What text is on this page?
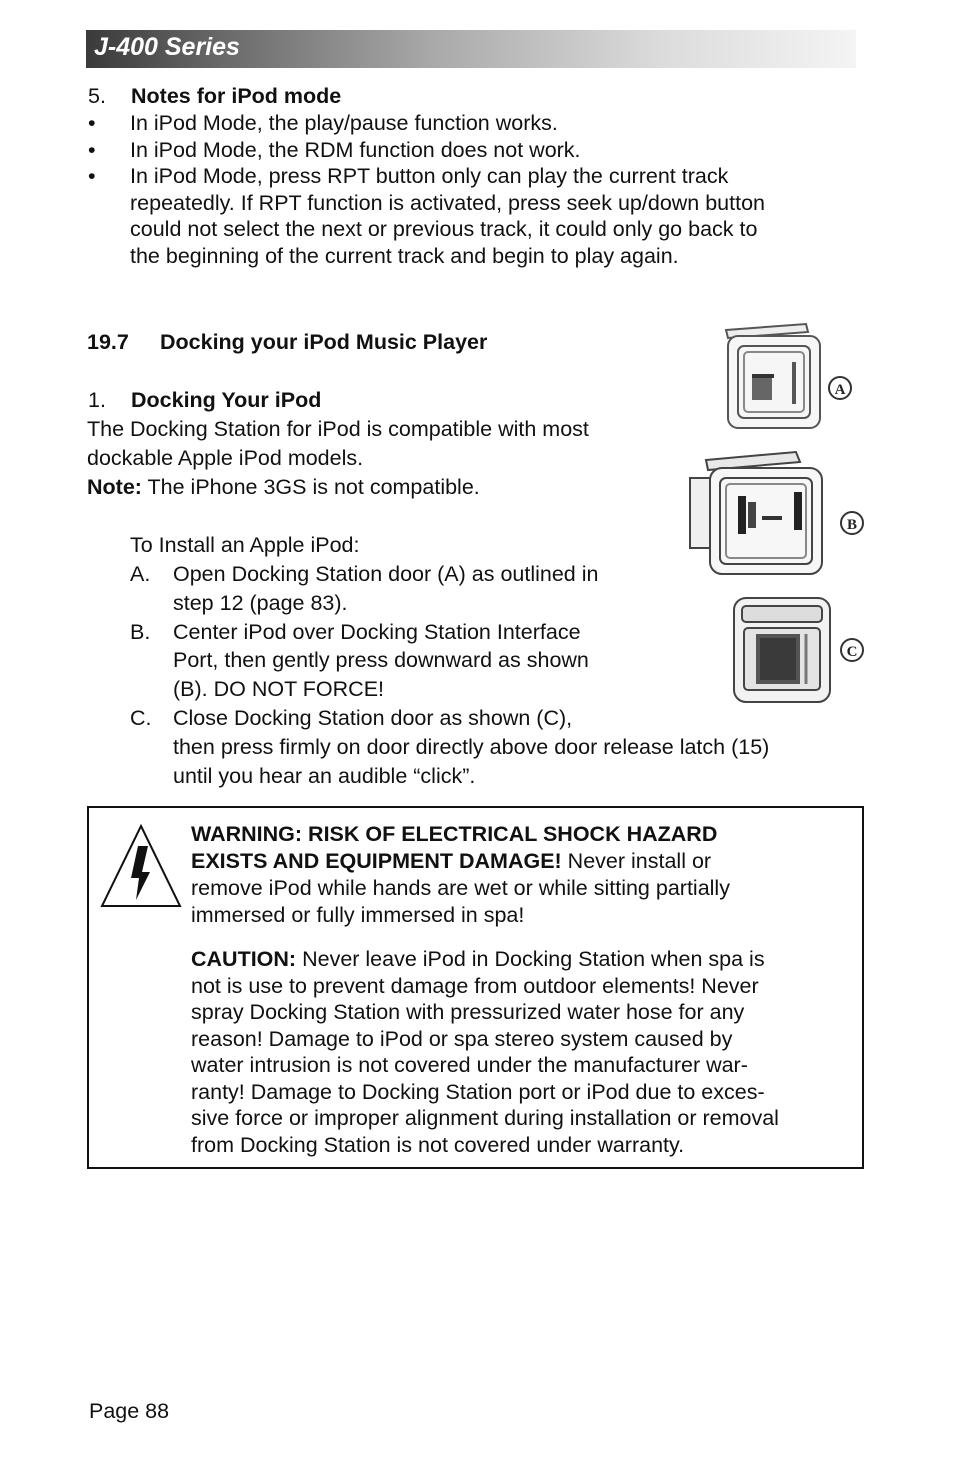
J-400 Series
5. Notes for iPod mode
• In iPod Mode, the play/pause function works.
• In iPod Mode, the RDM function does not work.
• In iPod Mode, press RPT button only can play the current track
repeatedly. If RPT function is activated, press seek up/down button
could not select the next or previous track, it could only go back to
the beginning of the current track and begin to play again.
19.7 Docking your iPod Music Player
1. Docking Your iPod
The Docking Station for iPod is compatible with most
dockable Apple iPod models.
Note: The iPhone 3GS is not compatible.
To Install an Apple iPod:
A. Open Docking Station door (A) as outlined in
step 12 (page 83).
B. Center iPod over Docking Station Interface
Port, then gently press downward as shown
(B). DO NOT FORCE!
C. Close Docking Station door as shown (C),
then press firmly on door directly above door release latch (15)
until you hear an audible “click”.
A
B
C
WARNING: RISK OF ELECTRICAL SHOCK HAZARD
EXISTS AND EQUIPMENT DAMAGE! Never install or
remove iPod while hands are wet or while sitting partially
immersed or fully immersed in spa!
CAUTION: Never leave iPod in Docking Station when spa is
not is use to prevent damage from outdoor elements! Never
spray Docking Station with pressurized water hose for any
reason! Damage to iPod or spa stereo system caused by
water intrusion is not covered under the manufacturer war-
ranty! Damage to Docking Station port or iPod due to exces-
sive force or improper alignment during installation or removal
from Docking Station is not covered under warranty.
Page 88
